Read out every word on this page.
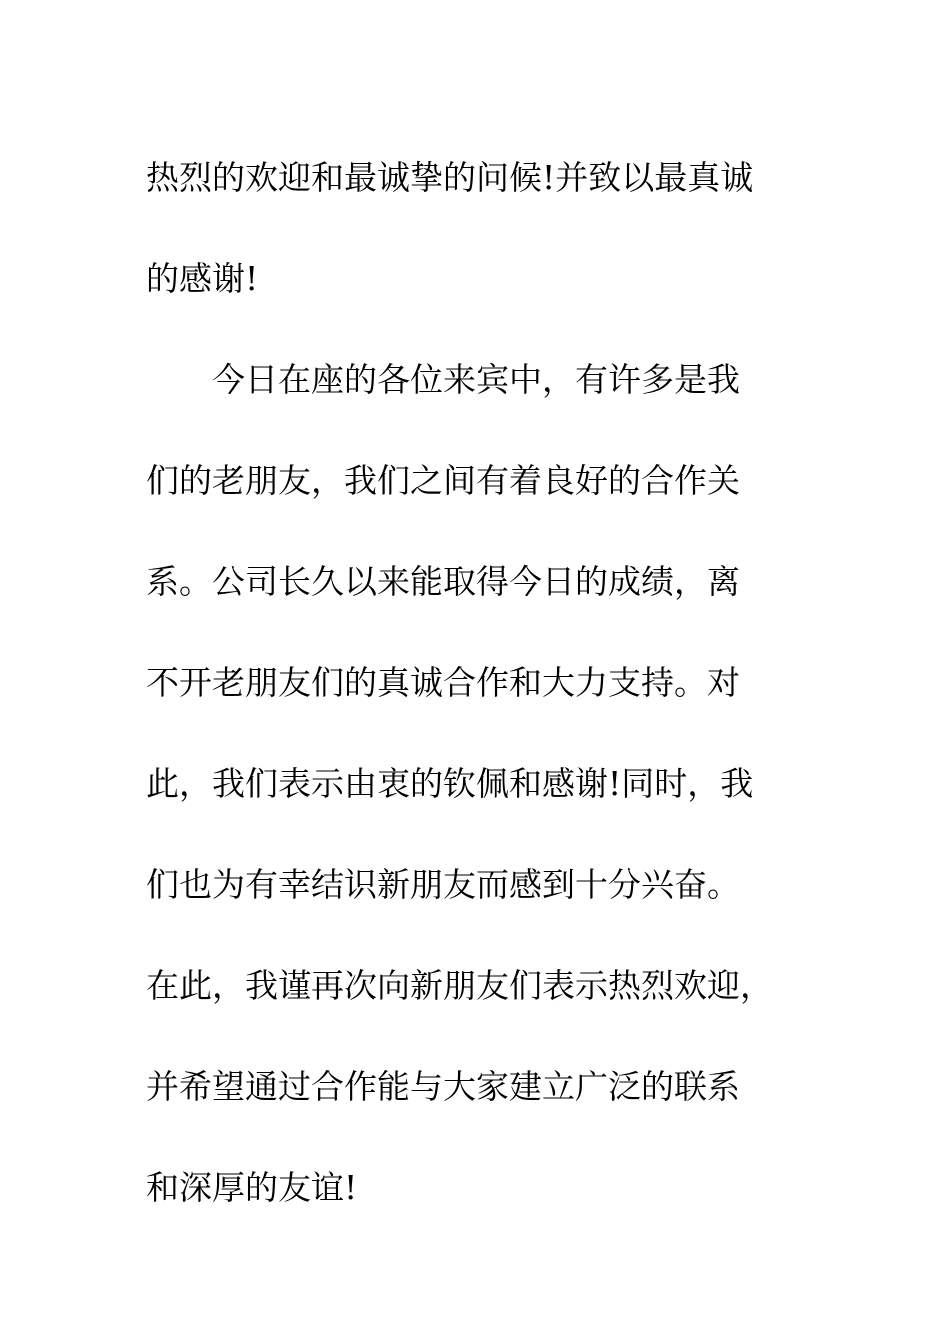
热烈的欢迎和最诚挚的问候!并致以最真诚
的感谢!
　　今日在座的各位来宾中，有许多是我
们的老朋友，我们之间有着良好的合作关
系。公司长久以来能取得今日的成绩，离
不开老朋友们的真诚合作和大力支持。对
此，我们表示由衷的钦佩和感谢!同时，我
们也为有幸结识新朋友而感到十分兴奋。
在此，我谨再次向新朋友们表示热烈欢迎，
并希望通过合作能与大家建立广泛的联系
和深厚的友谊!
